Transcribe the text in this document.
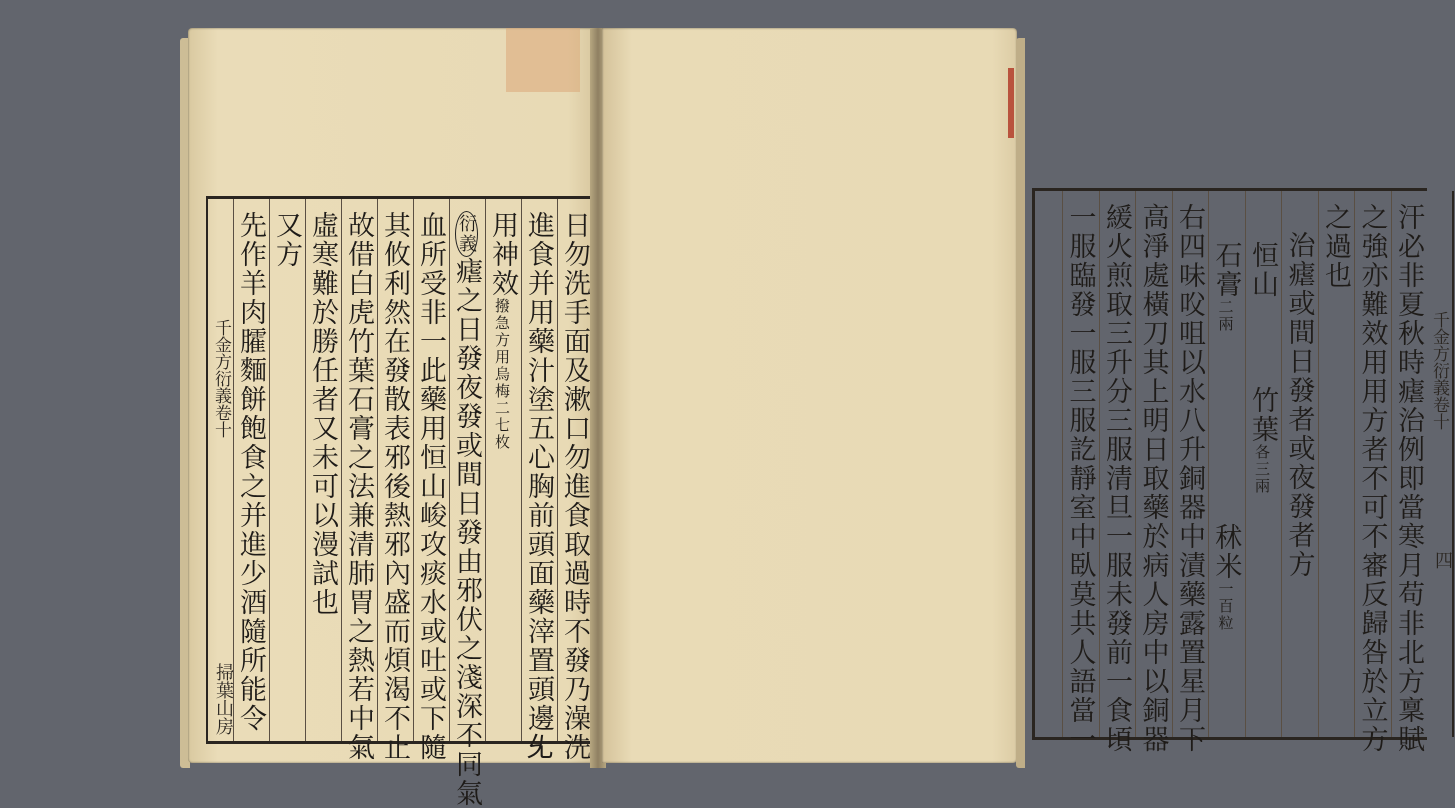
千金方衍義卷十
掃葉山房	日勿洗手面及漱口勿進食取過時不發乃澡洗
進食并用藥汁塗五心胸前頭面藥滓置頭邊𠃔
用神效撥急方用烏梅二七枚
衍義瘧之日發夜發或間日發由邪伏之淺深不同氣
血所受非一此藥用恒山峻攻痰水或吐或下隨
其攸利然在發散表邪後熱邪內盛而煩渴不止
故借白虎竹葉石膏之法兼清肺胃之熱若中氣
虛寒難於勝任者又未可以漫試也
又方
先作羊肉臛麵餅飽食之并進少酒隨所能令	千金方衍義卷十
四
汗必非夏秋時瘧治例即當寒月苟非北方稟賦
之強亦難效用用方者不可不審反歸咎於立方
之過也
治瘧或間日發者或夜發者方
恒山　　　竹葉各三兩
石膏二兩秫米一百粒
右四味㕮咀以水八升銅器中漬藥露置星月下
高淨處橫刀其上明日取藥於病人房中以銅器
緩火煎取三升分三服清旦一服未發前一食頃
一服臨發一服三服訖靜室中臥莫共人語當一
